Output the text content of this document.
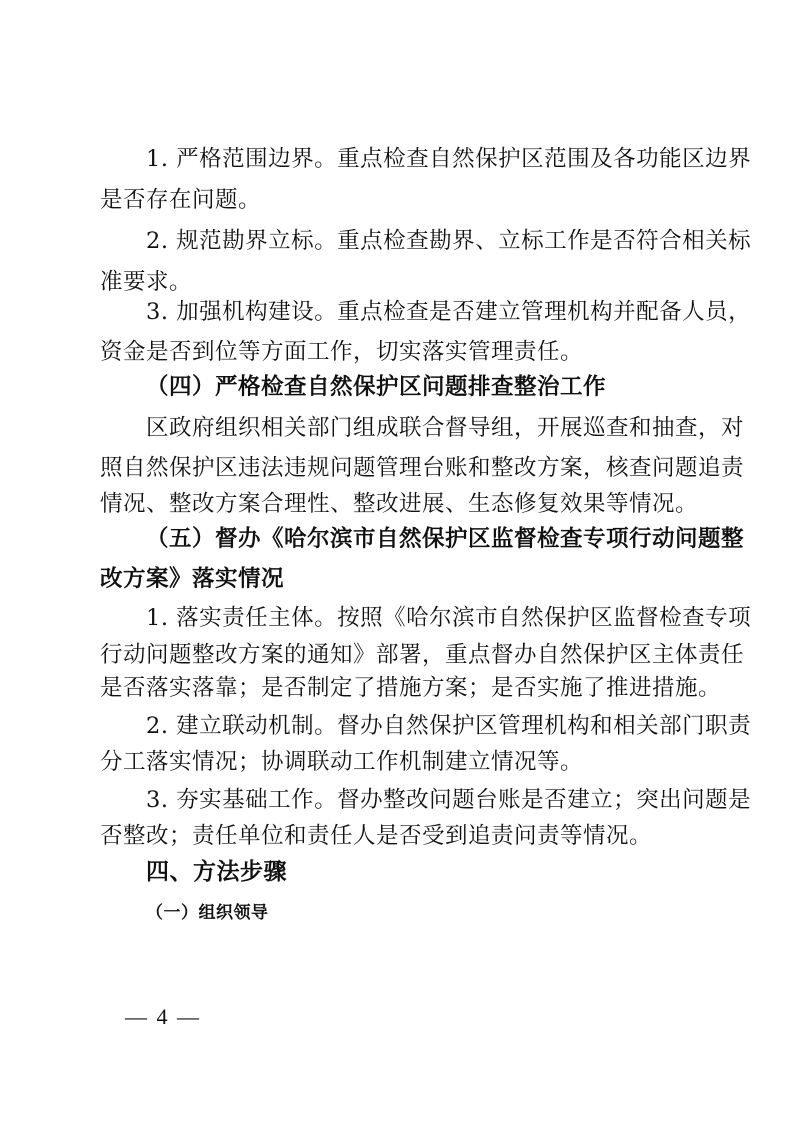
1. 严格范围边界。重点检查自然保护区范围及各功能区边界

是否存在问题。

2. 规范勘界立标。重点检查勘界、立标工作是否符合相关标

准要求。

3. 加强机构建设。重点检查是否建立管理机构并配备人员，

资金是否到位等方面工作，切实落实管理责任。

（四）严格检查自然保护区问题排查整治工作

区政府组织相关部门组成联合督导组，开展巡查和抽查，对

照自然保护区违法违规问题管理台账和整改方案，核查问题追责

情况、整改方案合理性、整改进展、生态修复效果等情况。

（五）督办《哈尔滨市自然保护区监督检查专项行动问题整

改方案》落实情况

1. 落实责任主体。按照《哈尔滨市自然保护区监督检查专项

行动问题整改方案的通知》部署，重点督办自然保护区主体责任

是否落实落靠；是否制定了措施方案；是否实施了推进措施。

2. 建立联动机制。督办自然保护区管理机构和相关部门职责

分工落实情况；协调联动工作机制建立情况等。

3. 夯实基础工作。督办整改问题台账是否建立；突出问题是

否整改；责任单位和责任人是否受到追责问责等情况。

四、方法步骤

（一）组织领导

— 4 —
